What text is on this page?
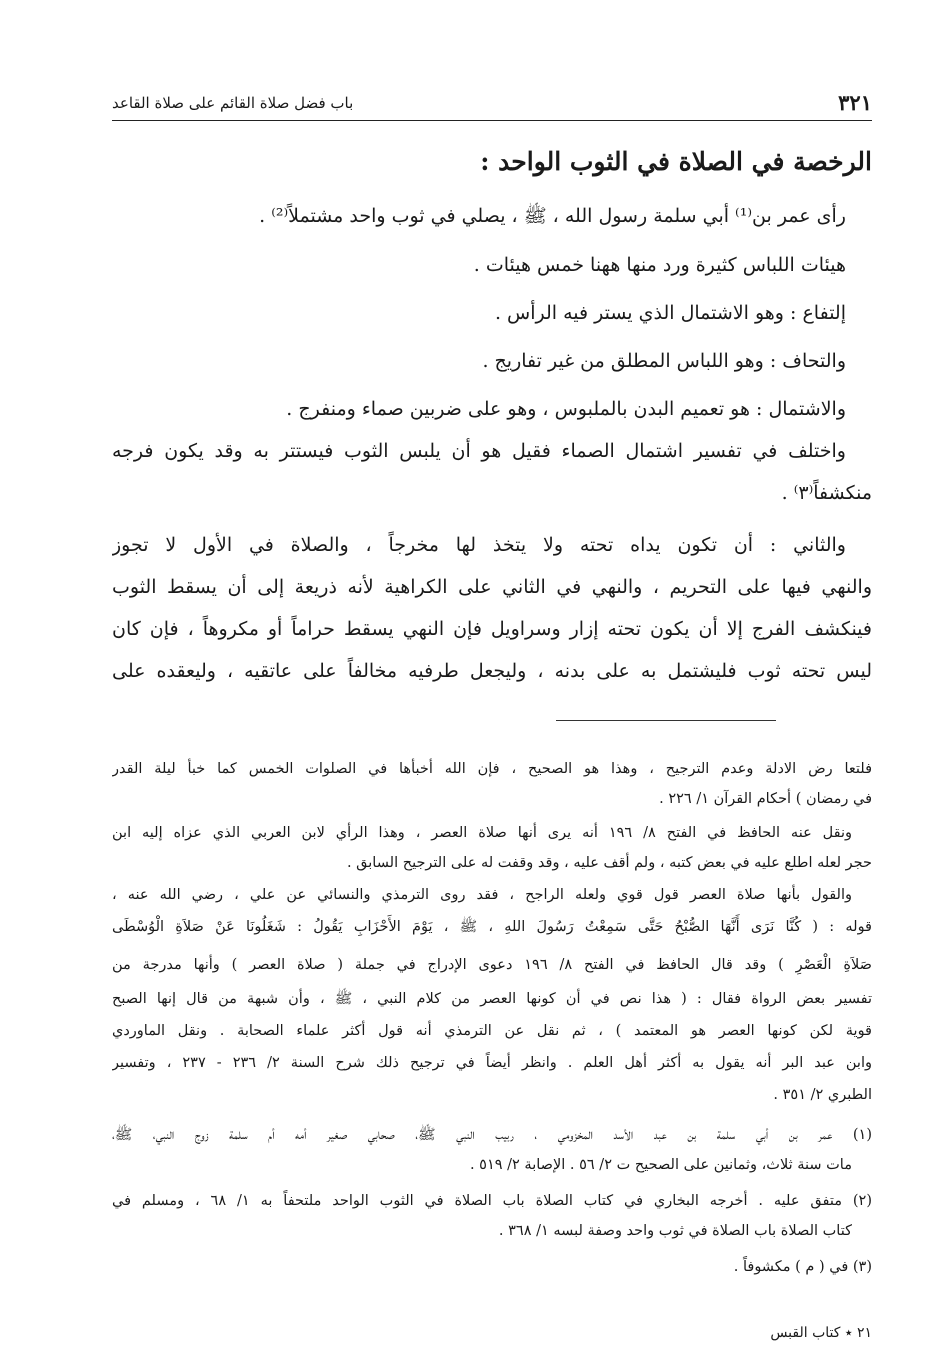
٣٢١
باب فضل صلاة القائم على صلاة القاعد
الرخصة في الصلاة في الثوب الواحد :
رأى عمر بن⁽¹⁾ أبي سلمة رسول الله ، ﷺ ، يصلي في ثوب واحد مشتملاً⁽²⁾ .
هيئات اللباس كثيرة ورد منها ههنا خمس هيئات .
إلتفاع : وهو الاشتمال الذي يستر فيه الرأس .
والتحاف : وهو اللباس المطلق من غير تفاريج .
والاشتمال : هو تعميم البدن بالملبوس ، وهو على ضربين صماء ومنفرج .
واختلف في تفسير اشتمال الصماء فقيل هو أن يلبس الثوب فيستتر به وقد يكون فرجه
منكشفاً⁽٣⁾ .
والثاني : أن تكون يداه تحته ولا يتخذ لها مخرجاً ، والصلاة في الأول لا تجوز
والنهي فيها على التحريم ، والنهي في الثاني على الكراهية لأنه ذريعة إلى أن يسقط الثوب
فينكشف الفرج إلا أن يكون تحته إزار وسراويل فإن النهي يسقط حراماً أو مكروهاً ، فإن كان
ليس تحته ثوب فليشتمل به على بدنه ، وليجعل طرفيه مخالفاً على عاتقيه ، وليعقده على
فلتعا رض الادلة وعدم الترجيح ، وهذا هو الصحيح ، فإن الله أخبأها في الصلوات الخمس كما خبأ ليلة القدر
في رمضان ) أحكام القرآن ١/ ٢٢٦ .
ونقل عنه الحافظ في الفتح ٨/ ١٩٦ أنه يرى أنها صلاة العصر ، وهذا الرأي لابن العربي الذي عزاه إليه ابن
حجر لعله اطلع عليه في بعض كتبه ، ولم أقف عليه ، وقد وقفت له على الترجيح السابق .
والقول بأنها صلاة العصر قول قوي ولعله الراجح ، فقد روى الترمذي والنسائي عن علي ، رضي الله عنه ،
قوله : ( كُنَّا نَرَى أَنَّهَا الصُّبْحُ حَتَّى سَمِعْتُ رَسُولَ اللهِ ، ﷺ ، يَوْمَ الأَحْزَابِ يَقُولُ : شَغَلُونَا عَنْ صَلاَةِ الْوُسْطَى
صَلاَةِ الْعَصْرِ ) وقد قال الحافظ في الفتح ٨/ ١٩٦ دعوى الإدراج في جملة ( صلاة العصر ) وأنها مدرجة من
تفسير بعض الرواة فقال : ( هذا نص في أن كونها العصر من كلام النبي ، ﷺ ، وأن شبهة من قال إنها الصبح
قوية لكن كونها العصر هو المعتمد ) ، ثم نقل عن الترمذي أنه قول أكثر علماء الصحابة . ونقل الماوردي
وابن عبد البر أنه يقول به أكثر أهل العلم . وانظر أيضاً في ترجيح ذلك شرح السنة ٢/ ٢٣٦ - ٢٣٧ ، وتفسير
الطبري ٢/ ٣٥١ .
(١) عمر بن أبي سلمة بن عبد الأسد المخزومي ، ربيب النبي ﷺ، صحابي صغير أمه أم سلمة زوج النبي، ﷺ،
مات سنة ثلاث، وثمانين على الصحيح ت ٢/ ٥٦ . الإصابة ٢/ ٥١٩ .
(٢) متفق عليه . أخرجه البخاري في كتاب الصلاة باب الصلاة في الثوب الواحد ملتحفاً به ١/ ٦٨ ، ومسلم في
كتاب الصلاة باب الصلاة في ثوب واحد وصفة لبسه ١/ ٣٦٨ .
(٣) في ( م ) مكشوفاً .
٢١ ٭ كتاب القبس
